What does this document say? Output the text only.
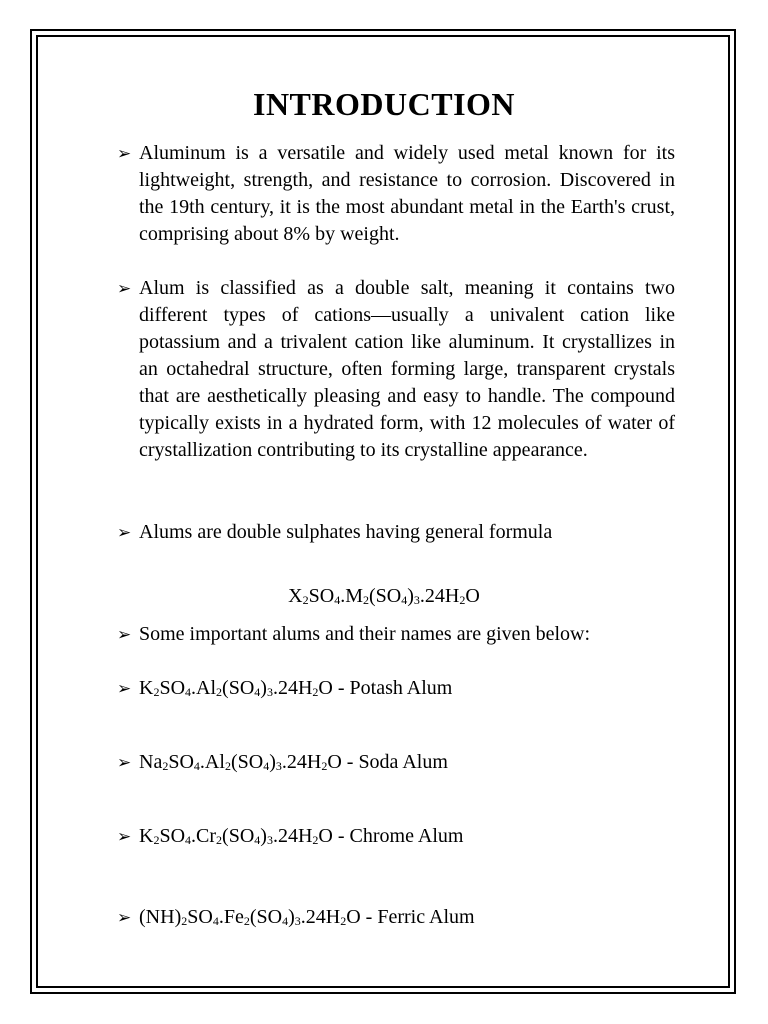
INTRODUCTION
➢ Aluminum is a versatile and widely used metal known for its lightweight, strength, and resistance to corrosion. Discovered in the 19th century, it is the most abundant metal in the Earth's crust, comprising about 8% by weight.
➢ Alum is classified as a double salt, meaning it contains two different types of cations—usually a univalent cation like potassium and a trivalent cation like aluminum. It crystallizes in an octahedral structure, often forming large, transparent crystals that are aesthetically pleasing and easy to handle. The compound typically exists in a hydrated form, with 12 molecules of water of crystallization contributing to its crystalline appearance.
➢ Alums are double sulphates having general formula
$X_2SO_4.M_2(SO_4)_3.24H_2O$
➢ Some important alums and their names are given below:
➢ $K_2SO_4.Al_2(SO_4)_3.24H_2O$ - Potash Alum
➢ $Na_2SO_4.Al_2(SO_4)_3.24H_2O$ - Soda Alum
➢ $K_2SO_4.Cr_2(SO_4)_3.24H_2O$ - Chrome Alum
➢ $(NH)_2SO_4.Fe_2(SO_4)_3.24H_2O$ - Ferric Alum
